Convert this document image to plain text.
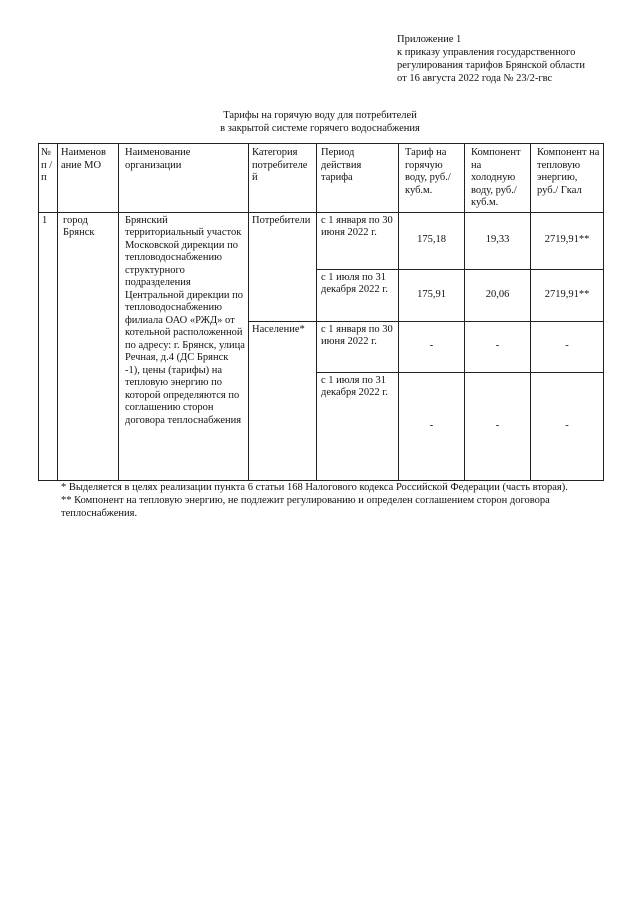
Приложение 1
к приказу управления государственного
регулирования тарифов Брянской области
от 16 августа 2022 года № 23/2-гвс
Тарифы на горячую воду для потребителей
в закрытой системе горячего водоснабжения
№ п / п	Наименов ание МО	Наименование организации	Категория потребителе й	Период действия тарифа	Тариф на горячую воду, руб./ куб.м.	Компонент на холодную воду, руб./ куб.м.	Компонент на тепловую энергию, руб./ Гкал
1	город Брянск	Брянский территориальный участок Московской дирекции по тепловодоснабжению структурного подразделения Центральной дирекции по тепловодоснабжению филиала ОАО «РЖД» от котельной расположенной по адресу: г. Брянск, улица Речная, д.4 (ДС Брянск -1), цены (тарифы) на тепловую энергию по которой определяются по соглашению сторон договора теплоснабжения	Потребители	с 1 января по 30 июня 2022 г.	175,18	19,33	2719,91**
				с 1 июля по 31 декабря 2022 г.	175,91	20,06	2719,91**
			Население*	с 1 января по 30 июня 2022 г.	-	-	-
				с 1 июля по 31 декабря 2022 г.	-	-	-

* Выделяется в целях реализации пункта 6 статьи 168 Налогового кодекса Российской Федерации (часть вторая).

** Компонент на тепловую энергию, не подлежит регулированию и определен соглашением сторон договора теплоснабжения.
